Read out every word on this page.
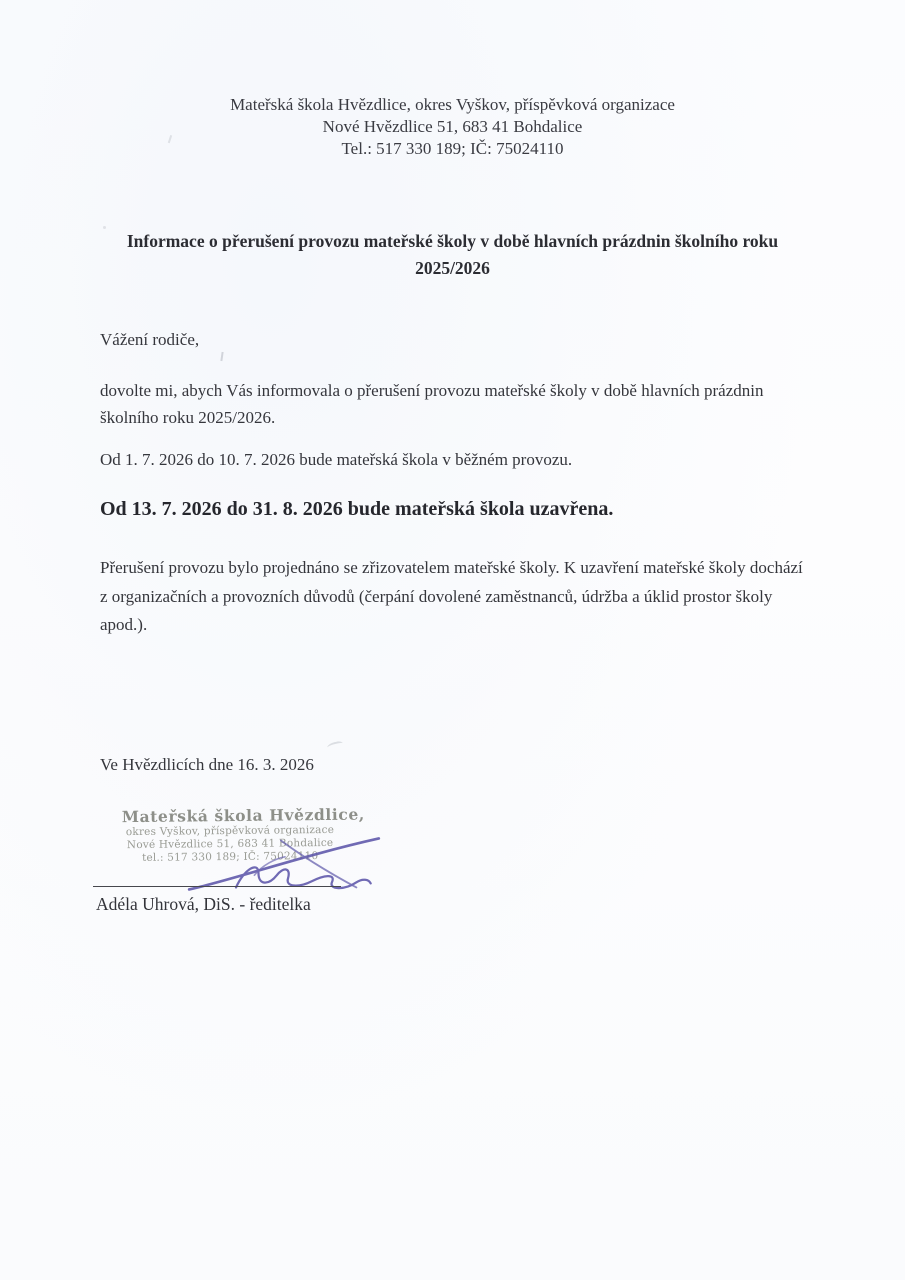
Mateřská škola Hvězdlice, okres Vyškov, příspěvková organizace
Nové Hvězdlice 51, 683 41 Bohdalice
Tel.: 517 330 189; IČ: 75024110
Informace o přerušení provozu mateřské školy v době hlavních prázdnin školního roku
2025/2026
Vážení rodiče,
dovolte mi, abych Vás informovala o přerušení provozu mateřské školy v době hlavních prázdnin školního roku 2025/2026.
Od 1. 7. 2026 do 10. 7. 2026 bude mateřská škola v běžném provozu.
Od 13. 7. 2026 do 31. 8. 2026 bude mateřská škola uzavřena.
Přerušení provozu bylo projednáno se zřizovatelem mateřské školy. K uzavření mateřské školy dochází z organizačních a provozních důvodů (čerpání dovolené zaměstnanců, údržba a úklid prostor školy apod.).
Ve Hvězdlicích dne 16. 3. 2026
Mateřská škola Hvězdlice,
okres Vyškov, příspěvková organizace
Nové Hvězdlice 51, 683 41 Bohdalice
tel.: 517 330 189; IČ: 75024110
Adéla Uhrová, DiS. - ředitelka
